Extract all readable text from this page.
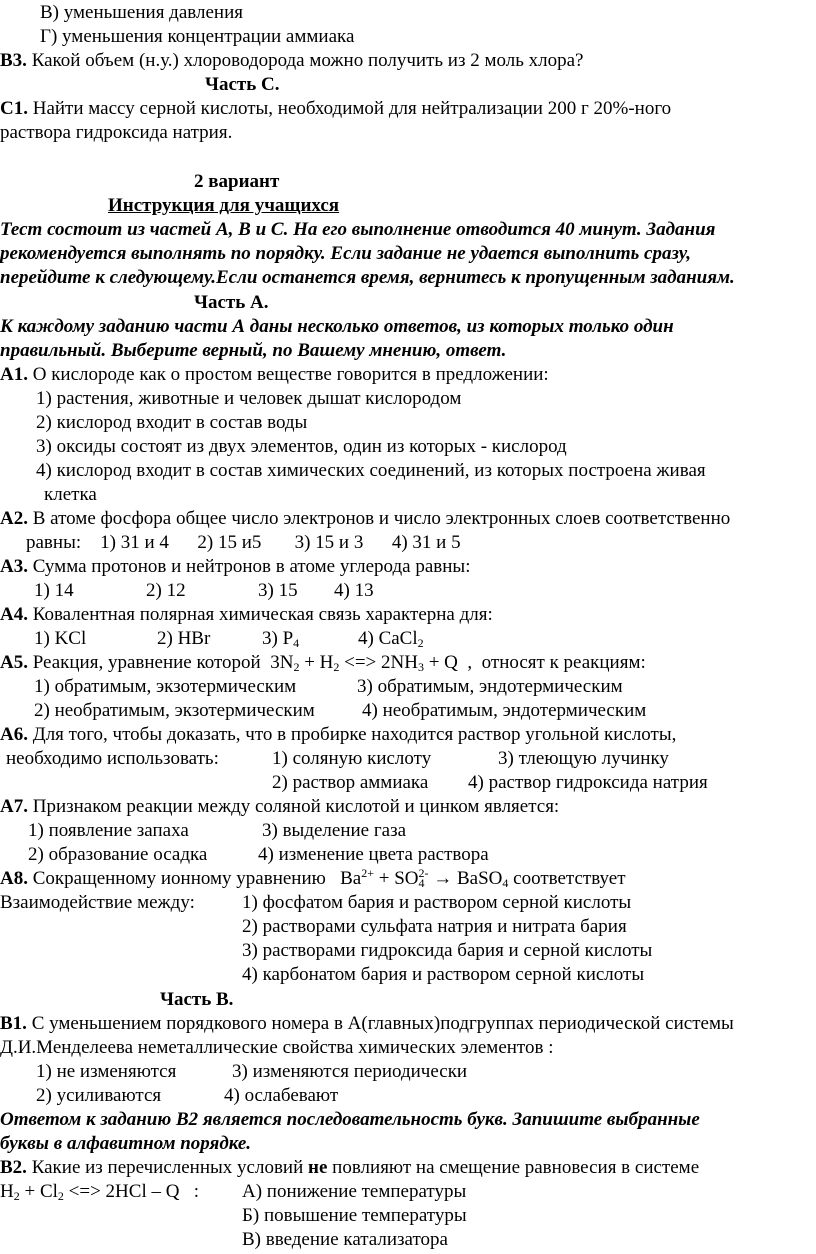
В) уменьшения давления
Г) уменьшения концентрации аммиака
В3. Какой объем (н.у.) хлороводорода можно получить из 2 моль хлора?
Часть С.
С1. Найти массу серной кислоты, необходимой для нейтрализации 200 г 20%-ного
раствора гидроксида натрия.
2 вариант
Инструкция для учащихся
Тест состоит из частей А, В и С. На его выполнение отводится 40 минут. Задания
рекомендуется выполнять по порядку. Если задание не удается выполнить сразу,
перейдите к следующему.Если останется время, вернитесь к пропущенным заданиям.
Часть А.
К каждому заданию части А даны несколько ответов, из которых только один
правильный. Выберите верный, по Вашему мнению, ответ.
А1. О кислороде как о простом веществе говорится в предложении:
1) растения, животные и человек дышат кислородом
2) кислород входит в состав воды
3) оксиды состоят из двух элементов, один из которых - кислород
4) кислород входит в состав химических соединений, из которых построена живая
клетка
А2. В атоме фосфора общее число электронов и число электронных слоев соответственно
равны:    1) 31 и 4      2) 15 и5       3) 15 и 3      4) 31 и 5
А3. Сумма протонов и нейтронов в атоме углерода равны:
1) 14	2) 12	3) 15 4) 13
А4. Ковалентная полярная химическая связь характерна для:
1) KCl	2) HBr	3) $P_4$	4) CaCl$_2$
А5. Реакция, уравнение которой  $3N_2 + H_2$ <=> $2NH_3 + Q$  ,  относят к реакциям:
1) обратимым, экзотермическим	3) обратимым, эндотермическим
2) необратимым, экзотермическим 4) необратимым, эндотермическим
А6. Для того, чтобы доказать, что в пробирке находится раствор угольной кислоты,
необходимо использовать:	1) соляную кислоту	3) тлеющую лучинку
2) раствор аммиака 4) раствор гидроксида натрия
А7. Признаком реакции между соляной кислотой и цинком является:
1) появление запаха	3) выделение газа
2) образование осадка	4) изменение цвета раствора
А8. Сокращенному ионному уравнению   $Ba^{2+} + SO_4^{2-}$ → BaSO$_4$ соответствует
Взаимодействие между: 1) фосфатом бария и раствором серной кислоты
2) растворами сульфата натрия и нитрата бария
3) растворами гидроксида бария и серной кислоты
4) карбонатом бария и раствором серной кислоты
Часть В.
В1. С уменьшением порядкового номера в А(главных)подгруппах периодической системы
Д.И.Менделеева неметаллические свойства химических элементов :
1) не изменяются	3) изменяются периодически
2) усиливаются	4) ослабевают
Ответом к заданию В2 является последовательность букв. Запишите выбранные
буквы в алфавитном порядке.
В2. Какие из перечисленных условий не повлияют на смещение равновесия в системе
$H_2 + Cl_2$ <=> 2HCl – Q   : А) понижение температуры
Б) повышение температуры
В) введение катализатора
